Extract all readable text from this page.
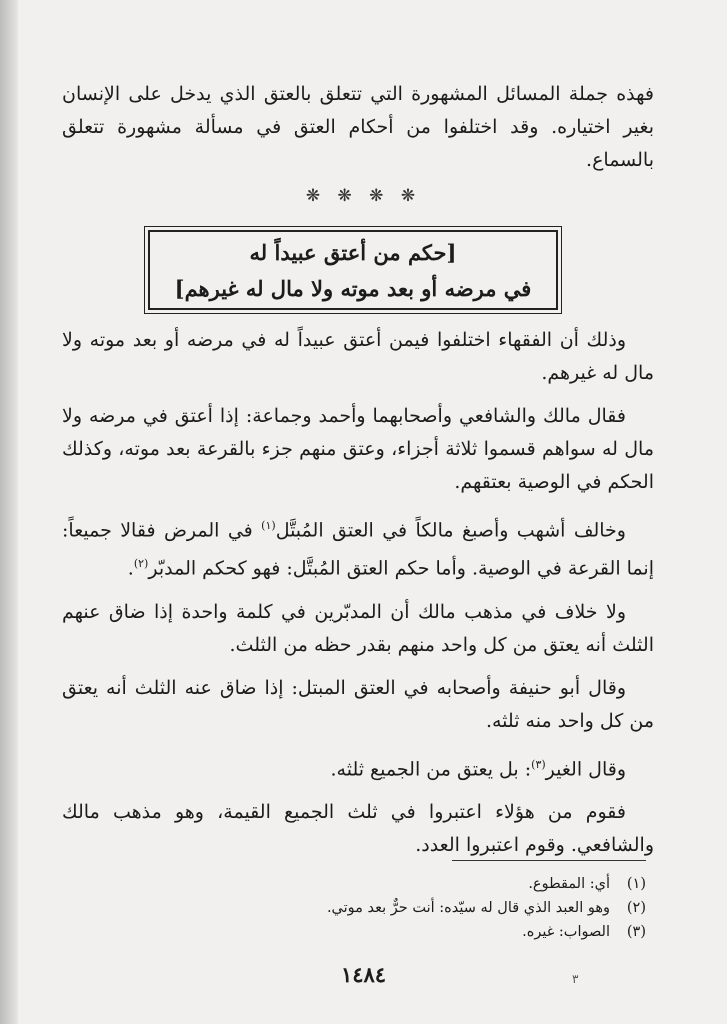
فهذه جملة المسائل المشهورة التي تتعلق بالعتق الذي يدخل على الإنسان بغير اختياره. وقد اختلفوا من أحكام العتق في مسألة مشهورة تتعلق بالسماع.

❋ ❋ ❋ ❋
[حكم من أعتق عبيداً له
في مرضه أو بعد موته ولا مال له غيرهم]

وذلك أن الفقهاء اختلفوا فيمن أعتق عبيداً له في مرضه أو بعد موته ولا مال له غيرهم.

فقال مالك والشافعي وأصحابهما وأحمد وجماعة: إذا أعتق في مرضه ولا مال له سواهم قسموا ثلاثة أجزاء، وعتق منهم جزء بالقرعة بعد موته، وكذلك الحكم في الوصية بعتقهم.

وخالف أشهب وأصبغ مالكاً في العتق المُبتَّل$^{(١)}$ في المرض فقالا جميعاً: إنما القرعة في الوصية. وأما حكم العتق المُبتَّل: فهو كحكم المدبّر$^{(٢)}$.

ولا خلاف في مذهب مالك أن المدبّرين في كلمة واحدة إذا ضاق عنهم الثلث أنه يعتق من كل واحد منهم بقدر حظه من الثلث.

وقال أبو حنيفة وأصحابه في العتق المبتل: إذا ضاق عنه الثلث أنه يعتق من كل واحد منه ثلثه.

وقال الغير$^{(٣)}$: بل يعتق من الجميع ثلثه.

فقوم من هؤلاء اعتبروا في ثلث الجميع القيمة، وهو مذهب مالك والشافعي. وقوم اعتبروا العدد.

(١)أي: المقطوع.

(٢)وهو العبد الذي قال له سيّده: أنت حرٌّ بعد موتي.

(٣)الصواب: غيره.

١٤٨٤	٣
